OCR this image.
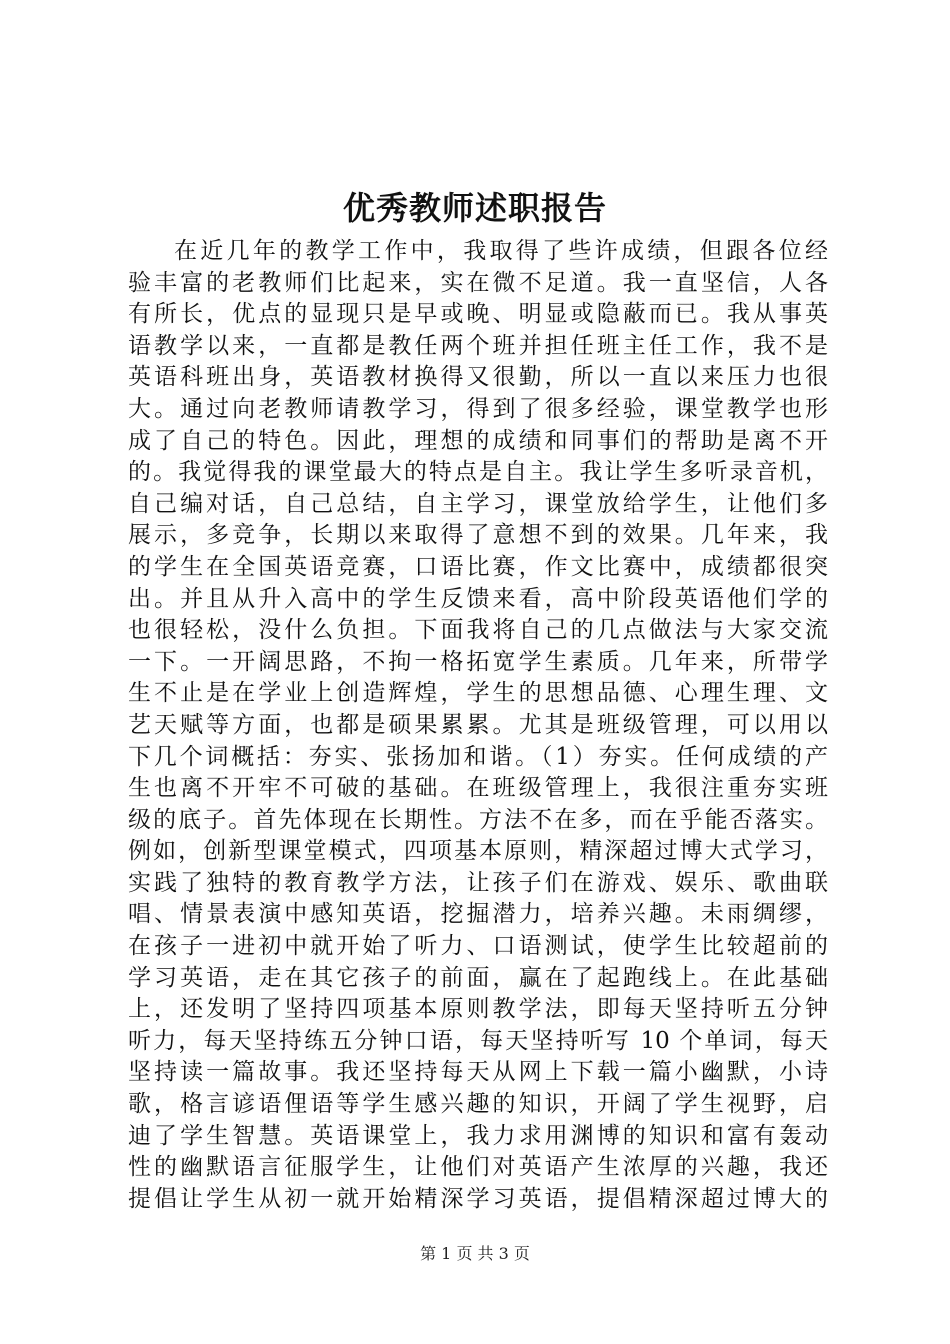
优秀教师述职报告
在近几年的教学工作中，我取得了些许成绩，但跟各位经
验丰富的老教师们比起来，实在微不足道。我一直坚信，人各
有所长，优点的显现只是早或晚、明显或隐蔽而已。我从事英
语教学以来，一直都是教任两个班并担任班主任工作，我不是
英语科班出身，英语教材换得又很勤，所以一直以来压力也很
大。通过向老教师请教学习，得到了很多经验，课堂教学也形
成了自己的特色。因此，理想的成绩和同事们的帮助是离不开
的。我觉得我的课堂最大的特点是自主。我让学生多听录音机，
自己编对话，自己总结，自主学习，课堂放给学生，让他们多
展示，多竞争，长期以来取得了意想不到的效果。几年来，我
的学生在全国英语竞赛，口语比赛，作文比赛中，成绩都很突
出。并且从升入高中的学生反馈来看，高中阶段英语他们学的
也很轻松，没什么负担。下面我将自己的几点做法与大家交流
一下。一开阔思路，不拘一格拓宽学生素质。几年来，所带学
生不止是在学业上创造辉煌，学生的思想品德、心理生理、文
艺天赋等方面，也都是硕果累累。尤其是班级管理，可以用以
下几个词概括：夯实、张扬加和谐。（1）夯实。任何成绩的产
生也离不开牢不可破的基础。在班级管理上，我很注重夯实班
级的底子。首先体现在长期性。方法不在多，而在乎能否落实。
例如，创新型课堂模式，四项基本原则，精深超过博大式学习，
实践了独特的教育教学方法，让孩子们在游戏、娱乐、歌曲联
唱、情景表演中感知英语，挖掘潜力，培养兴趣。未雨绸缪，
在孩子一进初中就开始了听力、口语测试，使学生比较超前的
学习英语，走在其它孩子的前面，赢在了起跑线上。在此基础
上，还发明了坚持四项基本原则教学法，即每天坚持听五分钟
听力，每天坚持练五分钟口语，每天坚持听写 10 个单词，每天
坚持读一篇故事。我还坚持每天从网上下载一篇小幽默，小诗
歌，格言谚语俚语等学生感兴趣的知识，开阔了学生视野，启
迪了学生智慧。英语课堂上，我力求用渊博的知识和富有轰动
性的幽默语言征服学生，让他们对英语产生浓厚的兴趣，我还
提倡让学生从初一就开始精深学习英语，提倡精深超过博大的
第 1 页 共 3 页
